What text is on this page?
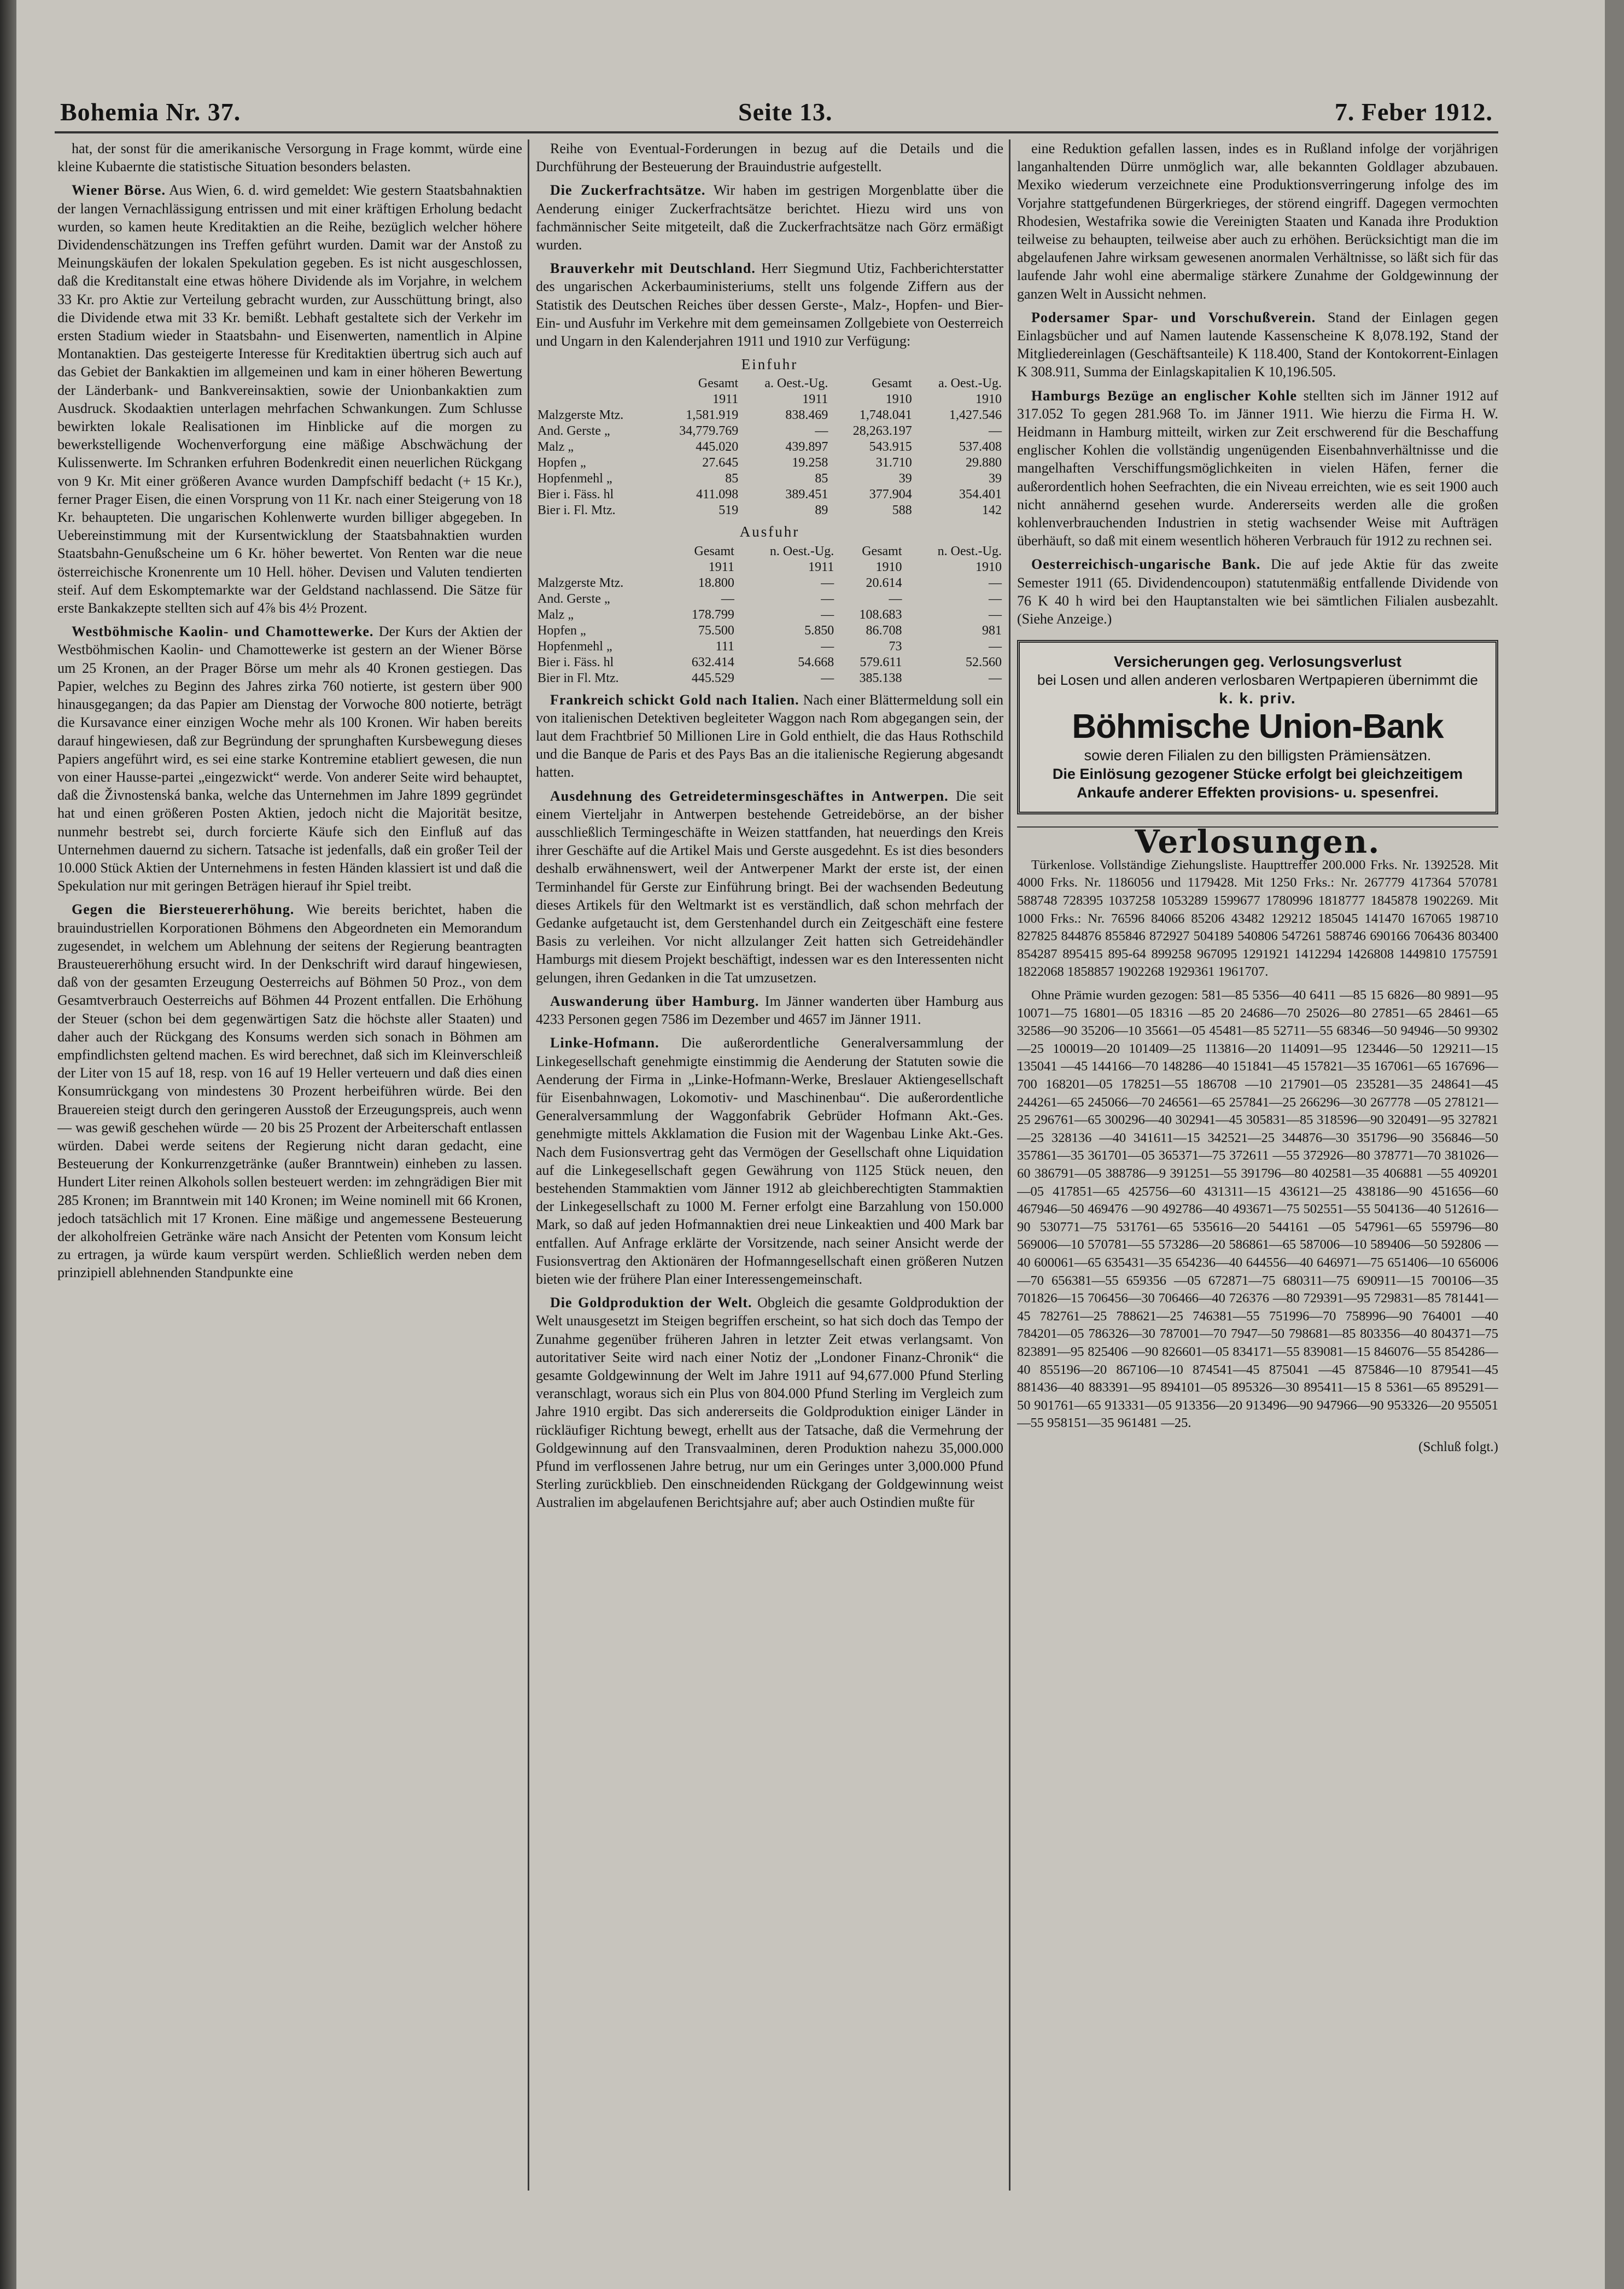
Bohemia Nr. 37.	Seite 13.	7. Feber 1912.

hat, der sonst für die amerikanische Versorgung in Frage kommt, würde eine kleine Kubaernte die statistische Situation besonders belasten.

Wiener Börse. Aus Wien, 6. d. wird gemeldet: Wie gestern Staatsbahnaktien der langen Vernachlässigung entrissen und mit einer kräftigen Erholung bedacht wurden, so kamen heute Kreditaktien an die Reihe, bezüglich welcher höhere Dividendenschätzungen ins Treffen geführt wurden. Damit war der Anstoß zu Meinungskäufen der lokalen Spekulation gegeben. Es ist nicht ausgeschlossen, daß die Kreditanstalt eine etwas höhere Dividende als im Vorjahre, in welchem 33 Kr. pro Aktie zur Verteilung gebracht wurden, zur Ausschüttung bringt, also die Dividende etwa mit 33 Kr. bemißt. Lebhaft gestaltete sich der Verkehr im ersten Stadium wieder in Staatsbahn- und Eisenwerten, namentlich in Alpine Montanaktien. Das gesteigerte Interesse für Kreditaktien übertrug sich auch auf das Gebiet der Bankaktien im allgemeinen und kam in einer höheren Bewertung der Länderbank- und Bankvereinsaktien, sowie der Unionbankaktien zum Ausdruck. Skodaaktien unterlagen mehrfachen Schwankungen. Zum Schlusse bewirkten lokale Realisationen im Hinblicke auf die morgen zu bewerkstelligende Wochenverforgung eine mäßige Abschwächung der Kulissenwerte. Im Schranken erfuhren Bodenkredit einen neuerlichen Rückgang von 9 Kr. Mit einer größeren Avance wurden Dampfschiff bedacht (+ 15 Kr.), ferner Prager Eisen, die einen Vorsprung von 11 Kr. nach einer Steigerung von 18 Kr. behaupteten. Die ungarischen Kohlenwerte wurden billiger abgegeben. In Uebereinstimmung mit der Kursentwicklung der Staatsbahnaktien wurden Staatsbahn-Genußscheine um 6 Kr. höher bewertet. Von Renten war die neue österreichische Kronenrente um 10 Hell. höher. Devisen und Valuten tendierten steif. Auf dem Eskomptemarkte war der Geldstand nachlassend. Die Sätze für erste Bankakzepte stellten sich auf 4⅞ bis 4½ Prozent.

Westböhmische Kaolin- und Chamottewerke. Der Kurs der Aktien der Westböhmischen Kaolin- und Chamottewerke ist gestern an der Wiener Börse um 25 Kronen, an der Prager Börse um mehr als 40 Kronen gestiegen. Das Papier, welches zu Beginn des Jahres zirka 760 notierte, ist gestern über 900 hinausgegangen; da das Papier am Dienstag der Vorwoche 800 notierte, beträgt die Kursavance einer einzigen Woche mehr als 100 Kronen. Wir haben bereits darauf hingewiesen, daß zur Begründung der sprunghaften Kursbewegung dieses Papiers angeführt wird, es sei eine starke Kontremine etabliert gewesen, die nun von einer Hausse-partei „eingezwickt“ werde. Von anderer Seite wird behauptet, daß die Živnostenská banka, welche das Unternehmen im Jahre 1899 gegründet hat und einen größeren Posten Aktien, jedoch nicht die Majorität besitze, nunmehr bestrebt sei, durch forcierte Käufe sich den Einfluß auf das Unternehmen dauernd zu sichern. Tatsache ist jedenfalls, daß ein großer Teil der 10.000 Stück Aktien der Unternehmens in festen Händen klassiert ist und daß die Spekulation nur mit geringen Beträgen hierauf ihr Spiel treibt.

Gegen die Biersteuererhöhung. Wie bereits berichtet, haben die brauindustriellen Korporationen Böhmens den Abgeordneten ein Memorandum zugesendet, in welchem um Ablehnung der seitens der Regierung beantragten Brausteuererhöhung ersucht wird. In der Denkschrift wird darauf hingewiesen, daß von der gesamten Erzeugung Oesterreichs auf Böhmen 50 Proz., von dem Gesamtverbrauch Oesterreichs auf Böhmen 44 Prozent entfallen. Die Erhöhung der Steuer (schon bei dem gegenwärtigen Satz die höchste aller Staaten) und daher auch der Rückgang des Konsums werden sich sonach in Böhmen am empfindlichsten geltend machen. Es wird berechnet, daß sich im Kleinverschleiß der Liter von 15 auf 18, resp. von 16 auf 19 Heller verteuern und daß dies einen Konsumrückgang von mindestens 30 Prozent herbeiführen würde. Bei den Brauereien steigt durch den geringeren Ausstoß der Erzeugungspreis, auch wenn — was gewiß geschehen würde — 20 bis 25 Prozent der Arbeiterschaft entlassen würden. Dabei werde seitens der Regierung nicht daran gedacht, eine Besteuerung der Konkurrenzgetränke (außer Branntwein) einheben zu lassen. Hundert Liter reinen Alkohols sollen besteuert werden: im zehngrädigen Bier mit 285 Kronen; im Branntwein mit 140 Kronen; im Weine nominell mit 66 Kronen, jedoch tatsächlich mit 17 Kronen. Eine mäßige und angemessene Besteuerung der alkoholfreien Getränke wäre nach Ansicht der Petenten vom Konsum leicht zu ertragen, ja würde kaum verspürt werden. Schließlich werden neben dem prinzipiell ablehnenden Standpunkte eine

Reihe von Eventual-Forderungen in bezug auf die Details und die Durchführung der Besteuerung der Brauindustrie aufgestellt.

Die Zuckerfrachtsätze. Wir haben im gestrigen Morgenblatte über die Aenderung einiger Zuckerfrachtsätze berichtet. Hiezu wird uns von fachmännischer Seite mitgeteilt, daß die Zuckerfrachtsätze nach Görz ermäßigt wurden.

Brauverkehr mit Deutschland. Herr Siegmund Utiz, Fachberichterstatter des ungarischen Ackerbauministeriums, stellt uns folgende Ziffern aus der Statistik des Deutschen Reiches über dessen Gerste-, Malz-, Hopfen- und Bier-Ein- und Ausfuhr im Verkehre mit dem gemeinsamen Zollgebiete von Oesterreich und Ungarn in den Kalenderjahren 1911 und 1910 zur Verfügung:

Einfuhr
	Gesamt	a. Oest.-Ug.	Gesamt	a. Oest.-Ug.
	1911	1911	1910	1910
Malzgerste Mtz.	1,581.919	838.469	1,748.041	1,427.546
And. Gerste „	34,779.769	—	28,263.197	—
Malz „	445.020	439.897	543.915	537.408
Hopfen „	27.645	19.258	31.710	29.880
Hopfenmehl „	85	85	39	39
Bier i. Fäss. hl	411.098	389.451	377.904	354.401
Bier i. Fl. Mtz.	519	89	588	142
Ausfuhr
	Gesamt	n. Oest.-Ug.	Gesamt	n. Oest.-Ug.
	1911	1911	1910	1910
Malzgerste Mtz.	18.800	—	20.614	—
And. Gerste „	—	—	—	—
Malz „	178.799	—	108.683	—
Hopfen „	75.500	5.850	86.708	981
Hopfenmehl „	111	—	73	—
Bier i. Fäss. hl	632.414	54.668	579.611	52.560
Bier in Fl. Mtz.	445.529	—	385.138	—

Frankreich schickt Gold nach Italien. Nach einer Blättermeldung soll ein von italienischen Detektiven begleiteter Waggon nach Rom abgegangen sein, der laut dem Frachtbrief 50 Millionen Lire in Gold enthielt, die das Haus Rothschild und die Banque de Paris et des Pays Bas an die italienische Regierung abgesandt hatten.

Ausdehnung des Getreideterminsgeschäftes in Antwerpen. Die seit einem Vierteljahr in Antwerpen bestehende Getreidebörse, an der bisher ausschließlich Termingeschäfte in Weizen stattfanden, hat neuerdings den Kreis ihrer Geschäfte auf die Artikel Mais und Gerste ausgedehnt. Es ist dies besonders deshalb erwähnenswert, weil der Antwerpener Markt der erste ist, der einen Terminhandel für Gerste zur Einführung bringt. Bei der wachsenden Bedeutung dieses Artikels für den Weltmarkt ist es verständlich, daß schon mehrfach der Gedanke aufgetaucht ist, dem Gerstenhandel durch ein Zeitgeschäft eine festere Basis zu verleihen. Vor nicht allzulanger Zeit hatten sich Getreidehändler Hamburgs mit diesem Projekt beschäftigt, indessen war es den Interessenten nicht gelungen, ihren Gedanken in die Tat umzusetzen.

Auswanderung über Hamburg. Im Jänner wanderten über Hamburg aus 4233 Personen gegen 7586 im Dezember und 4657 im Jänner 1911.

Linke-Hofmann. Die außerordentliche Generalversammlung der Linkegesellschaft genehmigte einstimmig die Aenderung der Statuten sowie die Aenderung der Firma in „Linke-Hofmann-Werke, Breslauer Aktiengesellschaft für Eisenbahnwagen, Lokomotiv- und Maschinenbau“. Die außerordentliche Generalversammlung der Waggonfabrik Gebrüder Hofmann Akt.-Ges. genehmigte mittels Akklamation die Fusion mit der Wagenbau Linke Akt.-Ges. Nach dem Fusionsvertrag geht das Vermögen der Gesellschaft ohne Liquidation auf die Linkegesellschaft gegen Gewährung von 1125 Stück neuen, den bestehenden Stammaktien vom Jänner 1912 ab gleichberechtigten Stammaktien der Linkegesellschaft zu 1000 M. Ferner erfolgt eine Barzahlung von 150.000 Mark, so daß auf jeden Hofmannaktien drei neue Linkeaktien und 400 Mark bar entfallen. Auf Anfrage erklärte der Vorsitzende, nach seiner Ansicht werde der Fusionsvertrag den Aktionären der Hofmanngesellschaft einen größeren Nutzen bieten wie der frühere Plan einer Interessengemeinschaft.

Die Goldproduktion der Welt. Obgleich die gesamte Goldproduktion der Welt unausgesetzt im Steigen begriffen erscheint, so hat sich doch das Tempo der Zunahme gegenüber früheren Jahren in letzter Zeit etwas verlangsamt. Von autoritativer Seite wird nach einer Notiz der „Londoner Finanz-Chronik“ die gesamte Goldgewinnung der Welt im Jahre 1911 auf 94,677.000 Pfund Sterling veranschlagt, woraus sich ein Plus von 804.000 Pfund Sterling im Vergleich zum Jahre 1910 ergibt. Das sich andererseits die Goldproduktion einiger Länder in rückläufiger Richtung bewegt, erhellt aus der Tatsache, daß die Vermehrung der Goldgewinnung auf den Transvaalminen, deren Produktion nahezu 35,000.000 Pfund im verflossenen Jahre betrug, nur um ein Geringes unter 3,000.000 Pfund Sterling zurückblieb. Den einschneidenden Rückgang der Goldgewinnung weist Australien im abgelaufenen Berichtsjahre auf; aber auch Ostindien mußte für

eine Reduktion gefallen lassen, indes es in Rußland infolge der vorjährigen langanhaltenden Dürre unmöglich war, alle bekannten Goldlager abzubauen. Mexiko wiederum verzeichnete eine Produktionsverringerung infolge des im Vorjahre stattgefundenen Bürgerkrieges, der störend eingriff. Dagegen vermochten Rhodesien, Westafrika sowie die Vereinigten Staaten und Kanada ihre Produktion teilweise zu behaupten, teilweise aber auch zu erhöhen. Berücksichtigt man die im abgelaufenen Jahre wirksam gewesenen anormalen Verhältnisse, so läßt sich für das laufende Jahr wohl eine abermalige stärkere Zunahme der Goldgewinnung der ganzen Welt in Aussicht nehmen.

Podersamer Spar- und Vorschußverein. Stand der Einlagen gegen Einlagsbücher und auf Namen lautende Kassenscheine K 8,078.192, Stand der Mitgliedereinlagen (Geschäftsanteile) K 118.400, Stand der Kontokorrent-Einlagen K 308.911, Summa der Einlagskapitalien K 10,196.505.

Hamburgs Bezüge an englischer Kohle stellten sich im Jänner 1912 auf 317.052 To gegen 281.968 To. im Jänner 1911. Wie hierzu die Firma H. W. Heidmann in Hamburg mitteilt, wirken zur Zeit erschwerend für die Beschaffung englischer Kohlen die vollständig ungenügenden Eisenbahnverhältnisse und die mangelhaften Verschiffungsmöglichkeiten in vielen Häfen, ferner die außerordentlich hohen Seefrachten, die ein Niveau erreichten, wie es seit 1900 auch nicht annähernd gesehen wurde. Andererseits werden alle die großen kohlenverbrauchenden Industrien in stetig wachsender Weise mit Aufträgen überhäuft, so daß mit einem wesentlich höheren Verbrauch für 1912 zu rechnen sei.

Oesterreichisch-ungarische Bank. Die auf jede Aktie für das zweite Semester 1911 (65. Dividendencoupon) statutenmäßig entfallende Dividende von 76 K 40 h wird bei den Hauptanstalten wie bei sämtlichen Filialen ausbezahlt. (Siehe Anzeige.)

Versicherungen geg. Verlosungsverlust
bei Losen und allen anderen verlosbaren Wertpapieren übernimmt die
k. k. priv.
Böhmische Union-Bank
sowie deren Filialen zu den billigsten Prämiensätzen.
Die Einlösung gezogener Stücke erfolgt bei gleichzeitigem Ankaufe anderer Effekten provisions- u. spesenfrei.
Verlosungen.

Türkenlose. Vollständige Ziehungsliste. Haupttreffer 200.000 Frks. Nr. 1392528. Mit 4000 Frks. Nr. 1186056 und 1179428. Mit 1250 Frks.: Nr. 267779 417364 570781 588748 728395 1037258 1053289 1599677 1780996 1818777 1845878 1902269. Mit 1000 Frks.: Nr. 76596 84066 85206 43482 129212 185045 141470 167065 198710 827825 844876 855846 872927 504189 540806 547261 588746 690166 706436 803400 854287 895415 895-64 899258 967095 1291921 1412294 1426808 1449810 1757591 1822068 1858857 1902268 1929361 1961707.

Ohne Prämie wurden gezogen: 581—85 5356—40 6411 —85 15 6826—80 9891—95 10071—75 16801—05 18316 —85 20 24686—70 25026—80 27851—65 28461—65 32586—90 35206—10 35661—05 45481—85 52711—55 68346—50 94946—50 99302—25 100019—20 101409—25 113816—20 114091—95 123446—50 129211—15 135041 —45 144166—70 148286—40 151841—45 157821—35 167061—65 167696—700 168201—05 178251—55 186708 —10 217901—05 235281—35 248641—45 244261—65 245066—70 246561—65 257841—25 266296—30 267778 —05 278121—25 296761—65 300296—40 302941—45 305831—85 318596—90 320491—95 327821—25 328136 —40 341611—15 342521—25 344876—30 351796—90 356846—50 357861—35 361701—05 365371—75 372611 —55 372926—80 378771—70 381026—60 386791—05 388786—9 391251—55 391796—80 402581—35 406881 —55 409201—05 417851—65 425756—60 431311—15 436121—25 438186—90 451656—60 467946—50 469476 —90 492786—40 493671—75 502551—55 504136—40 512616—90 530771—75 531761—65 535616—20 544161 —05 547961—65 559796—80 569006—10 570781—55 573286—20 586861—65 587006—10 589406—50 592806 —40 600061—65 635431—35 654236—40 644556—40 646971—75 651406—10 656006—70 656381—55 659356 —05 672871—75 680311—75 690911—15 700106—35 701826—15 706456—30 706466—40 726376 —80 729391—95 729831—85 781441—45 782761—25 788621—25 746381—55 751996—70 758996—90 764001 —40 784201—05 786326—30 787001—70 7947—50 798681—85 803356—40 804371—75 823891—95 825406 —90 826601—05 834171—55 839081—15 846076—55 854286—40 855196—20 867106—10 874541—45 875041 —45 875846—10 879541—45 881436—40 883391—95 894101—05 895326—30 895411—15 8 5361—65 895291—50 901761—65 913331—05 913356—20 913496—90 947966—90 953326—20 955051—55 958151—35 961481 —25.

(Schluß folgt.)
